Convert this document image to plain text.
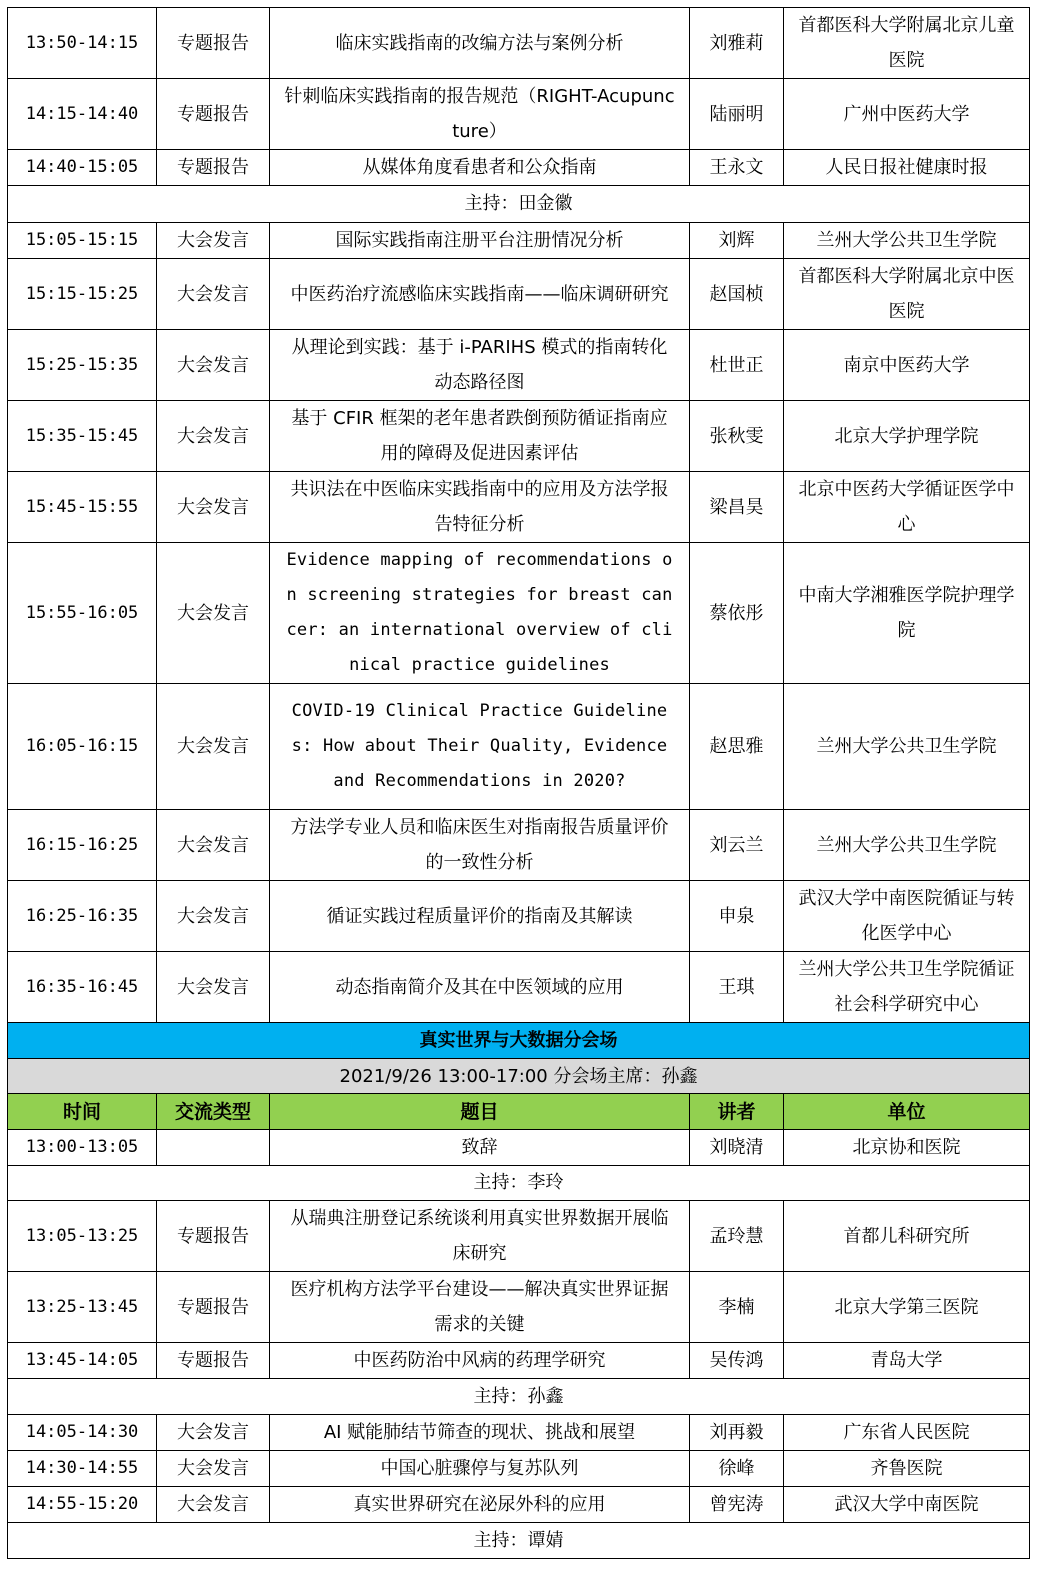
13:50-14:15	专题报告	临床实践指南的改编方法与案例分析	刘雅莉	首都医科大学附属北京儿童医院
14:15-14:40	专题报告	针刺临床实践指南的报告规范（RIGHT-Acupuncture）	陆丽明	广州中医药大学
14:40-15:05	专题报告	从媒体角度看患者和公众指南	王永文	人民日报社健康时报
主持：田金徽				
15:05-15:15	大会发言	国际实践指南注册平台注册情况分析	刘辉	兰州大学公共卫生学院
15:15-15:25	大会发言	中医药治疗流感临床实践指南——临床调研研究	赵国桢	首都医科大学附属北京中医医院
15:25-15:35	大会发言	从理论到实践：基于 i-PARIHS 模式的指南转化动态路径图	杜世正	南京中医药大学
15:35-15:45	大会发言	基于 CFIR 框架的老年患者跌倒预防循证指南应用的障碍及促进因素评估	张秋雯	北京大学护理学院
15:45-15:55	大会发言	共识法在中医临床实践指南中的应用及方法学报告特征分析	梁昌昊	北京中医药大学循证医学中心
15:55-16:05	大会发言	Evidence mapping of recommendations on screening strategies for breast cancer: an international overview of clinical practice guidelines	蔡依彤	中南大学湘雅医学院护理学院
16:05-16:15	大会发言	COVID-19 Clinical Practice Guidelines: How about Their Quality, Evidence and Recommendations in 2020?	赵思雅	兰州大学公共卫生学院
16:15-16:25	大会发言	方法学专业人员和临床医生对指南报告质量评价的一致性分析	刘云兰	兰州大学公共卫生学院
16:25-16:35	大会发言	循证实践过程质量评价的指南及其解读	申泉	武汉大学中南医院循证与转化医学中心
16:35-16:45	大会发言	动态指南简介及其在中医领域的应用	王琪	兰州大学公共卫生学院循证社会科学研究中心
真实世界与大数据分会场				
2021/9/26 13:00-17:00 分会场主席：孙鑫				
时间	交流类型	题目	讲者	单位
13:00-13:05		致辞	刘晓清	北京协和医院
主持：李玲				
13:05-13:25	专题报告	从瑞典注册登记系统谈利用真实世界数据开展临床研究	孟玲慧	首都儿科研究所
13:25-13:45	专题报告	医疗机构方法学平台建设——解决真实世界证据需求的关键	李楠	北京大学第三医院
13:45-14:05	专题报告	中医药防治中风病的药理学研究	吴传鸿	青岛大学
主持：孙鑫				
14:05-14:30	大会发言	AI 赋能肺结节筛查的现状、挑战和展望	刘再毅	广东省人民医院
14:30-14:55	大会发言	中国心脏骤停与复苏队列	徐峰	齐鲁医院
14:55-15:20	大会发言	真实世界研究在泌尿外科的应用	曾宪涛	武汉大学中南医院
主持：谭婧				
